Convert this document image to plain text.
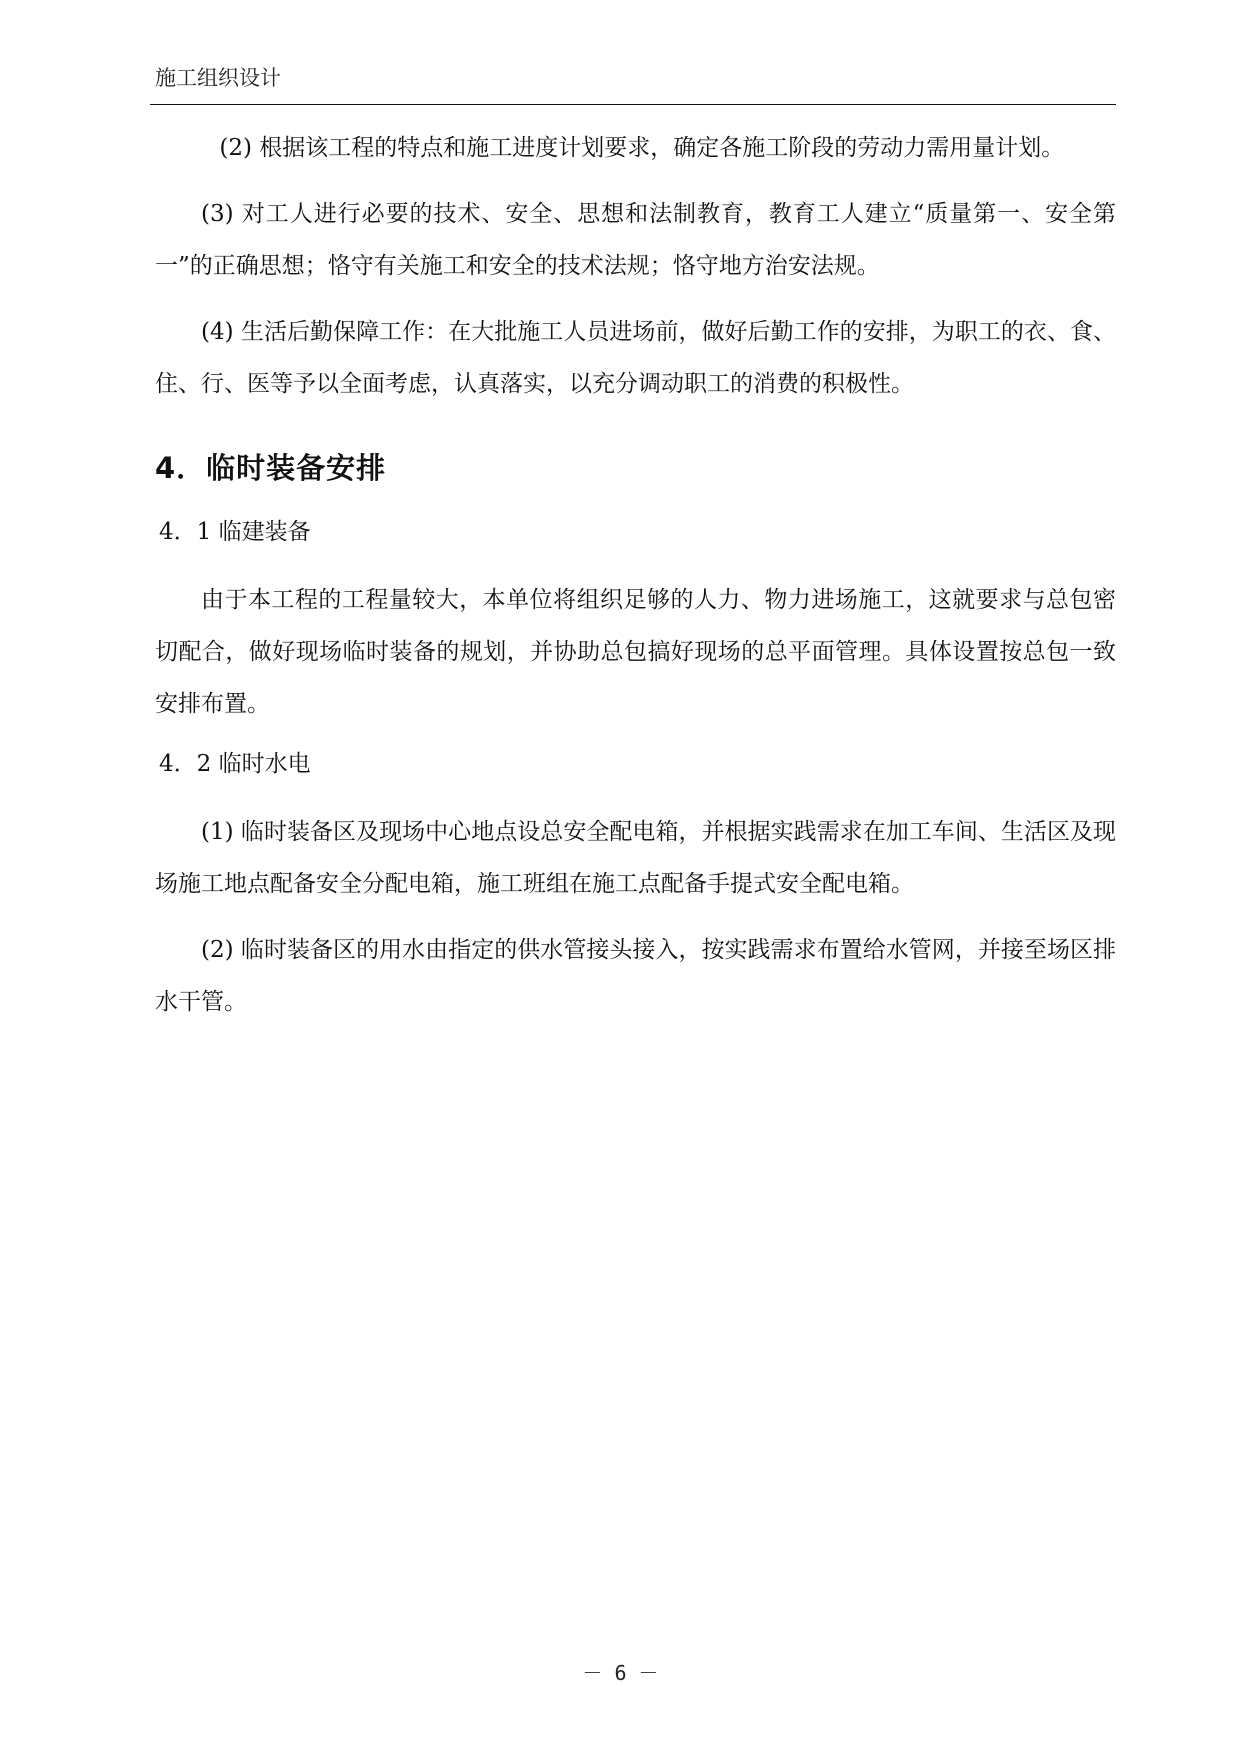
施工组织设计

(2) 根据该工程的特点和施工进度计划要求，确定各施工阶段的劳动力需用量计划。

(3) 对工人进行必要的技术、安全、思想和法制教育，教育工人建立“质量第一、安全第一”的正确思想；恪守有关施工和安全的技术法规；恪守地方治安法规。

(4) 生活后勤保障工作：在大批施工人员进场前，做好后勤工作的安排，为职工的衣、食、住、行、医等予以全面考虑，认真落实，以充分调动职工的消费的积极性。

4．临时装备安排
4．1 临建装备

由于本工程的工程量较大，本单位将组织足够的人力、物力进场施工，这就要求与总包密切配合，做好现场临时装备的规划，并协助总包搞好现场的总平面管理。具体设置按总包一致安排布置。

4．2 临时水电

(1) 临时装备区及现场中心地点设总安全配电箱，并根据实践需求在加工车间、生活区及现场施工地点配备安全分配电箱，施工班组在施工点配备手提式安全配电箱。

(2) 临时装备区的用水由指定的供水管接头接入，按实践需求布置给水管网，并接至场区排水干管。

－ 6 －
